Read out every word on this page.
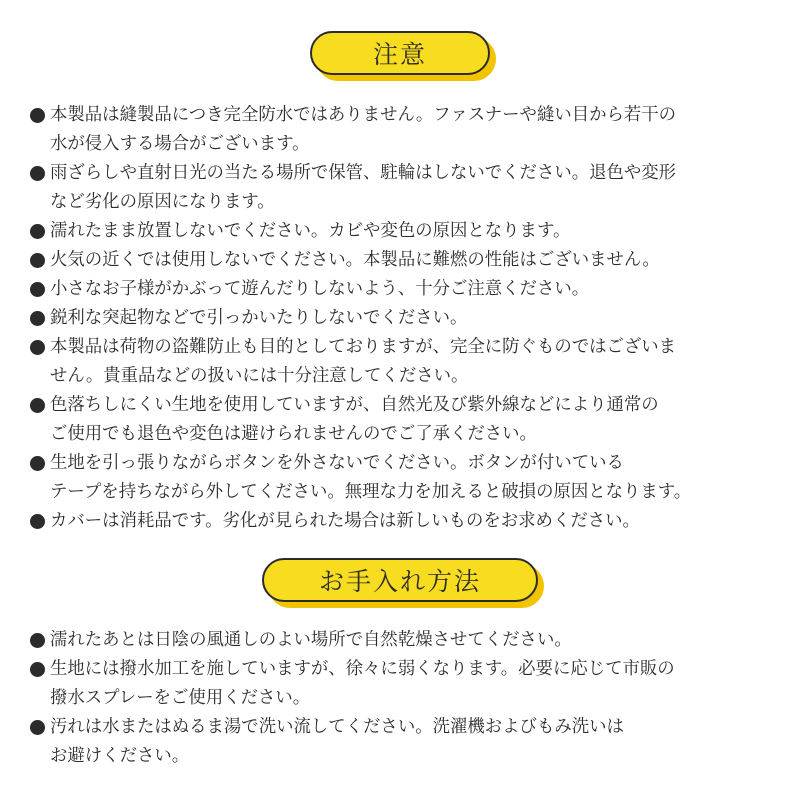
注意
本製品は縫製品につき完全防水ではありません。ファスナーや縫い目から若干の
水が侵入する場合がございます。
雨ざらしや直射日光の当たる場所で保管、駐輪はしないでください。退色や変形
など劣化の原因になります。
濡れたまま放置しないでください。カビや変色の原因となります。
火気の近くでは使用しないでください。本製品に難燃の性能はございません。
小さなお子様がかぶって遊んだりしないよう、十分ご注意ください。
鋭利な突起物などで引っかいたりしないでください。
本製品は荷物の盗難防止も目的としておりますが、完全に防ぐものではございま
せん。貴重品などの扱いには十分注意してください。
色落ちしにくい生地を使用していますが、自然光及び紫外線などにより通常の
ご使用でも退色や変色は避けられませんのでご了承ください。
生地を引っ張りながらボタンを外さないでください。ボタンが付いている
テープを持ちながら外してください。無理な力を加えると破損の原因となります。
カバーは消耗品です。劣化が見られた場合は新しいものをお求めください。
お手入れ方法
濡れたあとは日陰の風通しのよい場所で自然乾燥させてください。
生地には撥水加工を施していますが、徐々に弱くなります。必要に応じて市販の
撥水スプレーをご使用ください。
汚れは水またはぬるま湯で洗い流してください。洗濯機およびもみ洗いは
お避けください。
